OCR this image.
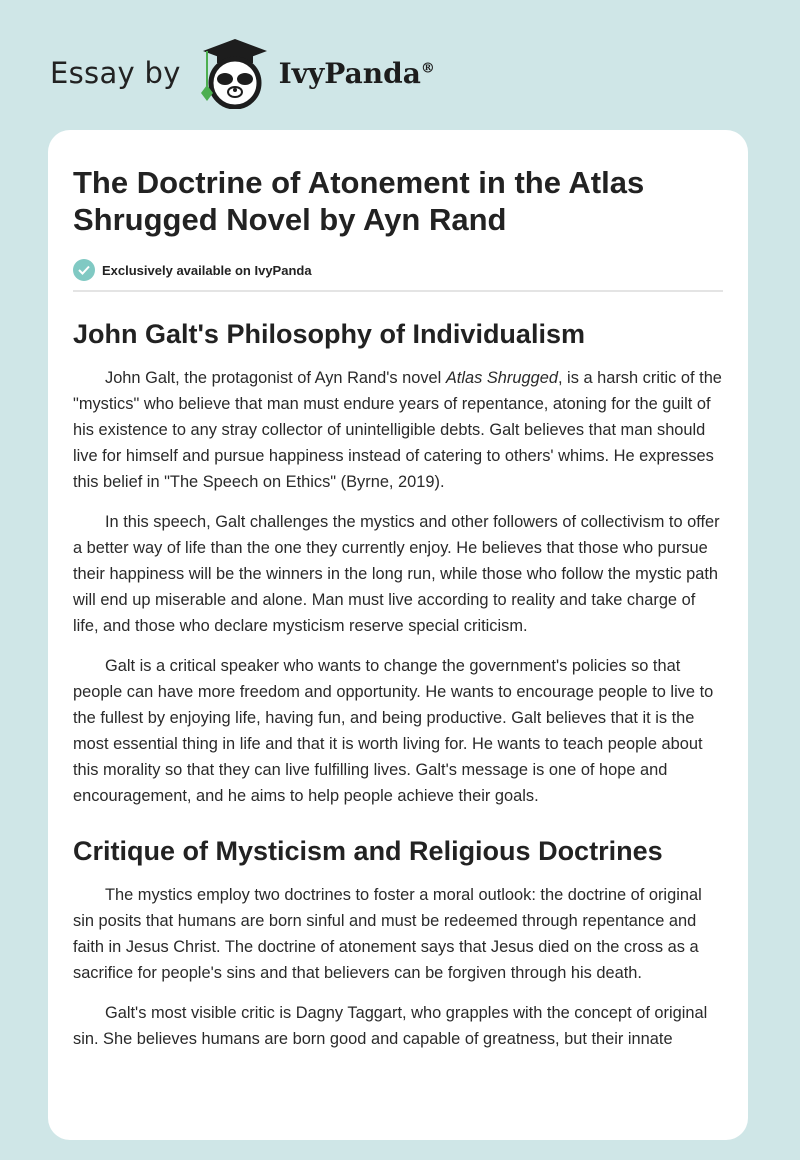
Essay by	IvyPanda®
The Doctrine of Atonement in the Atlas Shrugged Novel by Ayn Rand
Exclusively available on IvyPanda
John Galt's Philosophy of Individualism

John Galt, the protagonist of Ayn Rand's novel Atlas Shrugged, is a harsh critic of the "mystics" who believe that man must endure years of repentance, atoning for the guilt of his existence to any stray collector of unintelligible debts. Galt believes that man should live for himself and pursue happiness instead of catering to others' whims. He expresses this belief in "The Speech on Ethics" (Byrne, 2019).

In this speech, Galt challenges the mystics and other followers of collectivism to offer a better way of life than the one they currently enjoy. He believes that those who pursue their happiness will be the winners in the long run, while those who follow the mystic path will end up miserable and alone. Man must live according to reality and take charge of life, and those who declare mysticism reserve special criticism.

Galt is a critical speaker who wants to change the government's policies so that people can have more freedom and opportunity. He wants to encourage people to live to the fullest by enjoying life, having fun, and being productive. Galt believes that it is the most essential thing in life and that it is worth living for. He wants to teach people about this morality so that they can live fulfilling lives. Galt's message is one of hope and encouragement, and he aims to help people achieve their goals.

Critique of Mysticism and Religious Doctrines

The mystics employ two doctrines to foster a moral outlook: the doctrine of original sin posits that humans are born sinful and must be redeemed through repentance and faith in Jesus Christ. The doctrine of atonement says that Jesus died on the cross as a sacrifice for people's sins and that believers can be forgiven through his death.

Galt's most visible critic is Dagny Taggart, who grapples with the concept of original sin. She believes humans are born good and capable of greatness, but their innate
